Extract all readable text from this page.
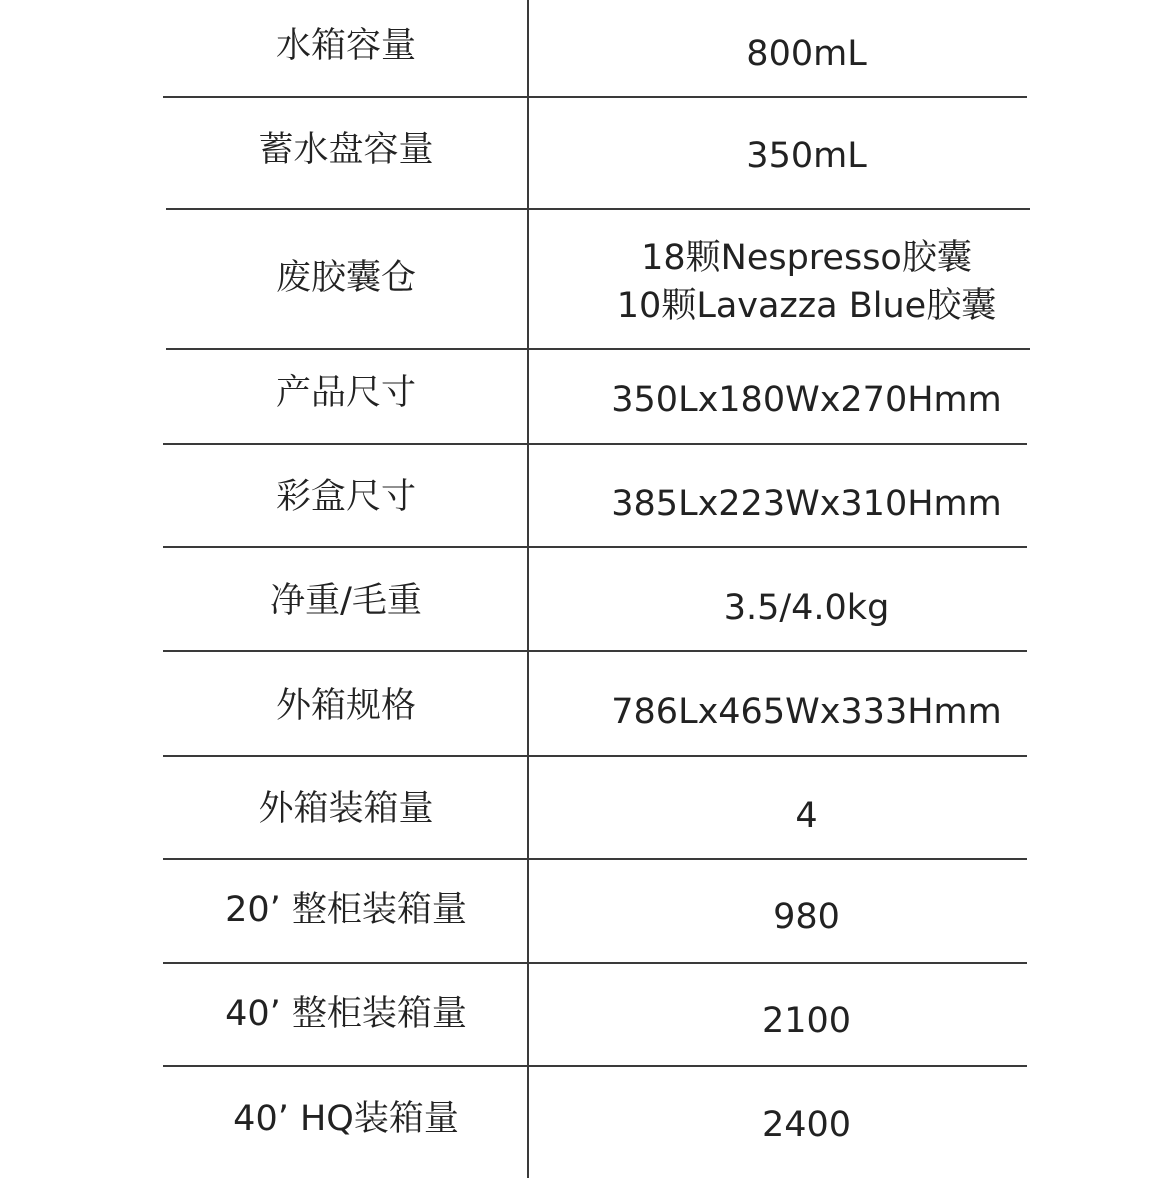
水箱容量	800mL
蓄水盘容量	350mL
废胶囊仓	18颗Nespresso胶囊
10颗Lavazza Blue胶囊
产品尺寸	350Lx180Wx270Hmm
彩盒尺寸	385Lx223Wx310Hmm
净重/毛重	3.5/4.0kg
外箱规格	786Lx465Wx333Hmm
外箱装箱量	4
20’ 整柜装箱量	980
40’ 整柜装箱量	2100
40’ HQ装箱量	2400
